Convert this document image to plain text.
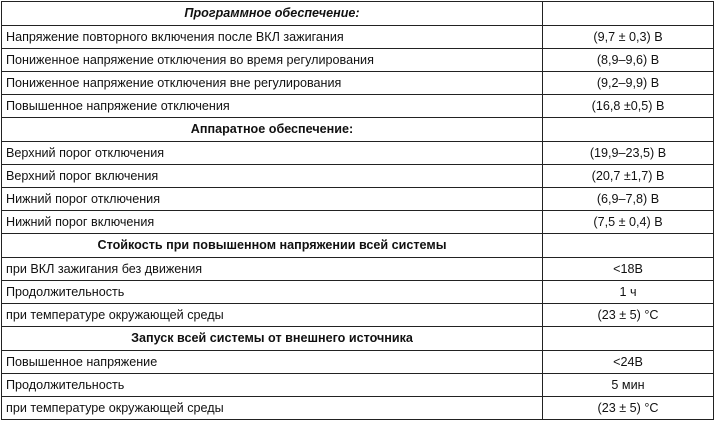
Программное обеспечение:	
Напряжение повторного включения после ВКЛ зажигания	(9,7 ± 0,3) В
Пониженное напряжение отключения во время регулирования	(8,9–9,6) В
Пониженное напряжение отключения вне регулирования	(9,2–9,9) В
Повышенное напряжение отключения	(16,8 ±0,5) В
Аппаратное обеспечение:	
Верхний порог отключения	(19,9–23,5) В
Верхний порог включения	(20,7 ±1,7) В
Нижний порог отключения	(6,9–7,8) В
Нижний порог включения	(7,5 ± 0,4) В
Стойкость при повышенном напряжении всей системы	
при ВКЛ зажигания без движения	<18В
Продолжительность	1 ч
при температуре окружающей среды	(23 ± 5) °C
Запуск всей системы от внешнего источника	
Повышенное напряжение	<24В
Продолжительность	5 мин
при температуре окружающей среды	(23 ± 5) °C
